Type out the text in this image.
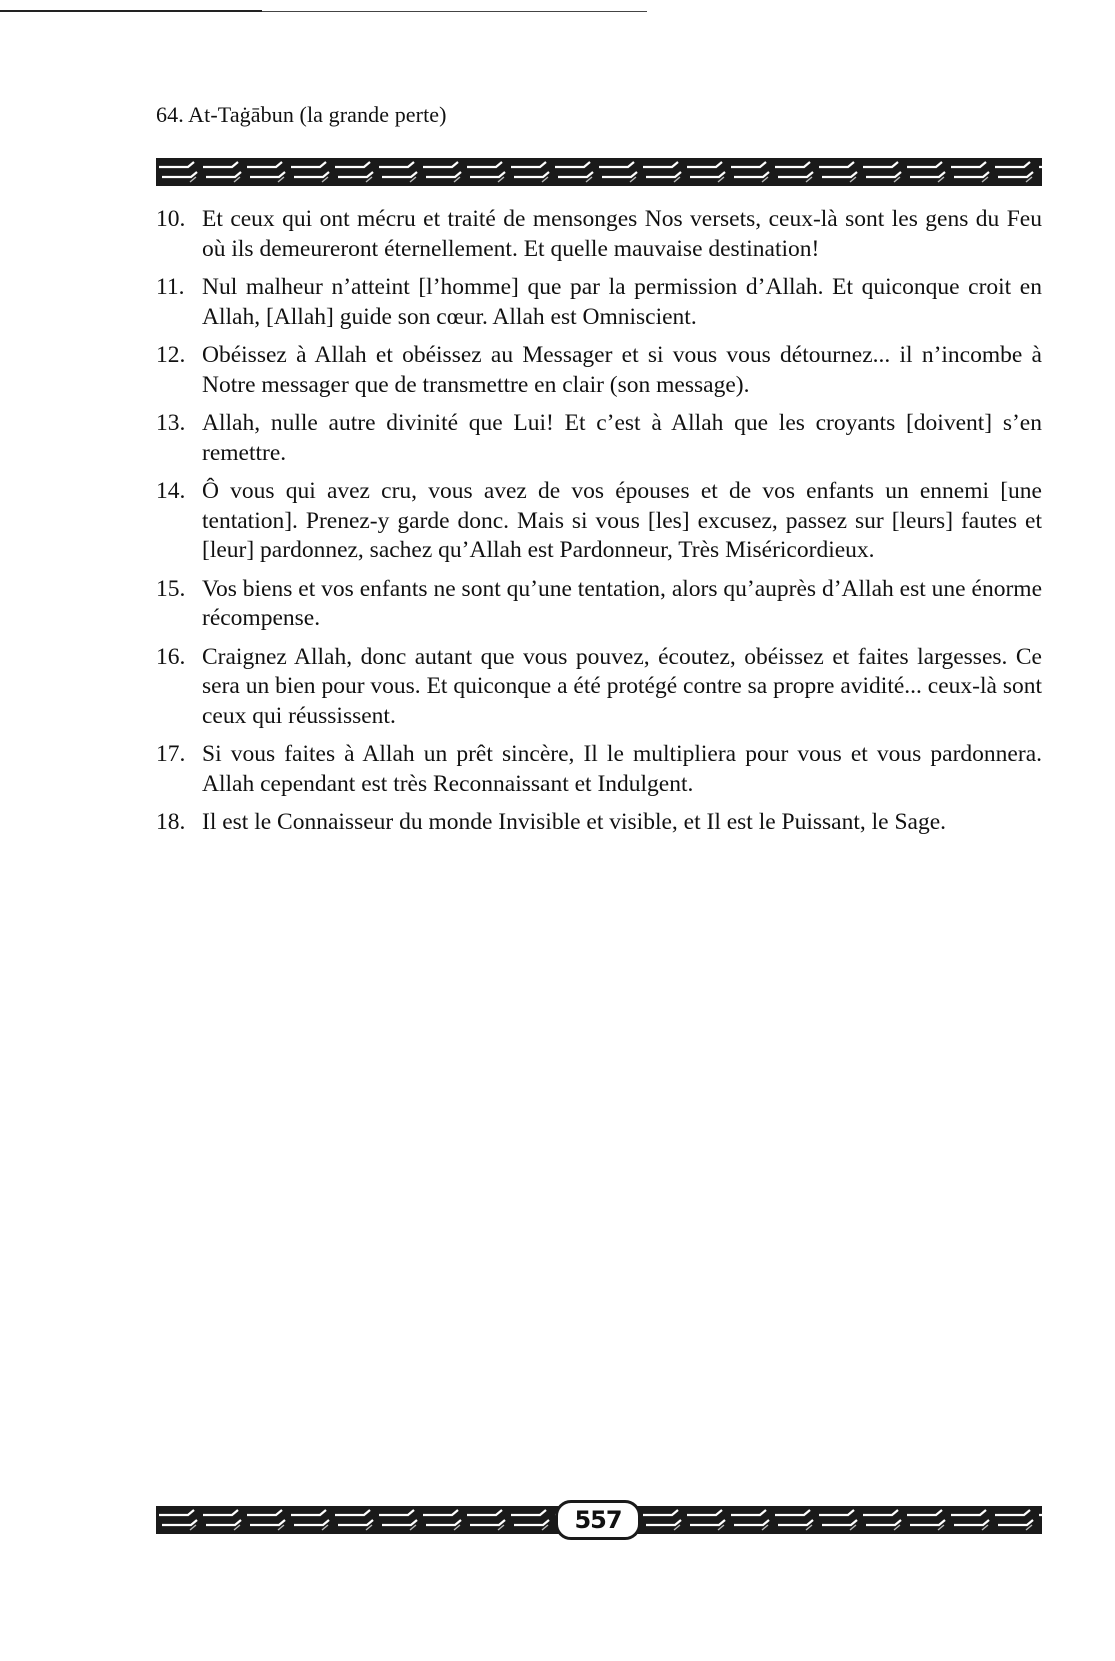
64. At-Taġābun (la grande perte)
10. Et ceux qui ont mécru et traité de mensonges Nos versets, ceux-là sont les gens du Feu où ils demeureront éternellement. Et quelle mauvaise destination!
11. Nul malheur n’atteint [l’homme] que par la permission d’Allah. Et quiconque croit en Allah, [Allah] guide son cœur. Allah est Omniscient.
12. Obéissez à Allah et obéissez au Messager et si vous vous détournez... il n’incombe à Notre messager que de transmettre en clair (son message).
13. Allah, nulle autre divinité que Lui! Et c’est à Allah que les croyants [doivent] s’en remettre.
14. Ô vous qui avez cru, vous avez de vos épouses et de vos enfants un ennemi [une tentation]. Prenez-y garde donc. Mais si vous [les] excusez, passez sur [leurs] fautes et [leur] pardonnez, sachez qu’Allah est Pardonneur, Très Miséricordieux.
15. Vos biens et vos enfants ne sont qu’une tentation, alors qu’auprès d’Allah est une énorme récompense.
16. Craignez Allah, donc autant que vous pouvez, écoutez, obéissez et faites largesses. Ce sera un bien pour vous. Et quiconque a été protégé contre sa propre avidité... ceux-là sont ceux qui réussissent.
17. Si vous faites à Allah un prêt sincère, Il le multipliera pour vous et vous pardonnera. Allah cependant est très Reconnaissant et Indulgent.
18. Il est le Connaisseur du monde Invisible et visible, et Il est le Puissant, le Sage.
557
